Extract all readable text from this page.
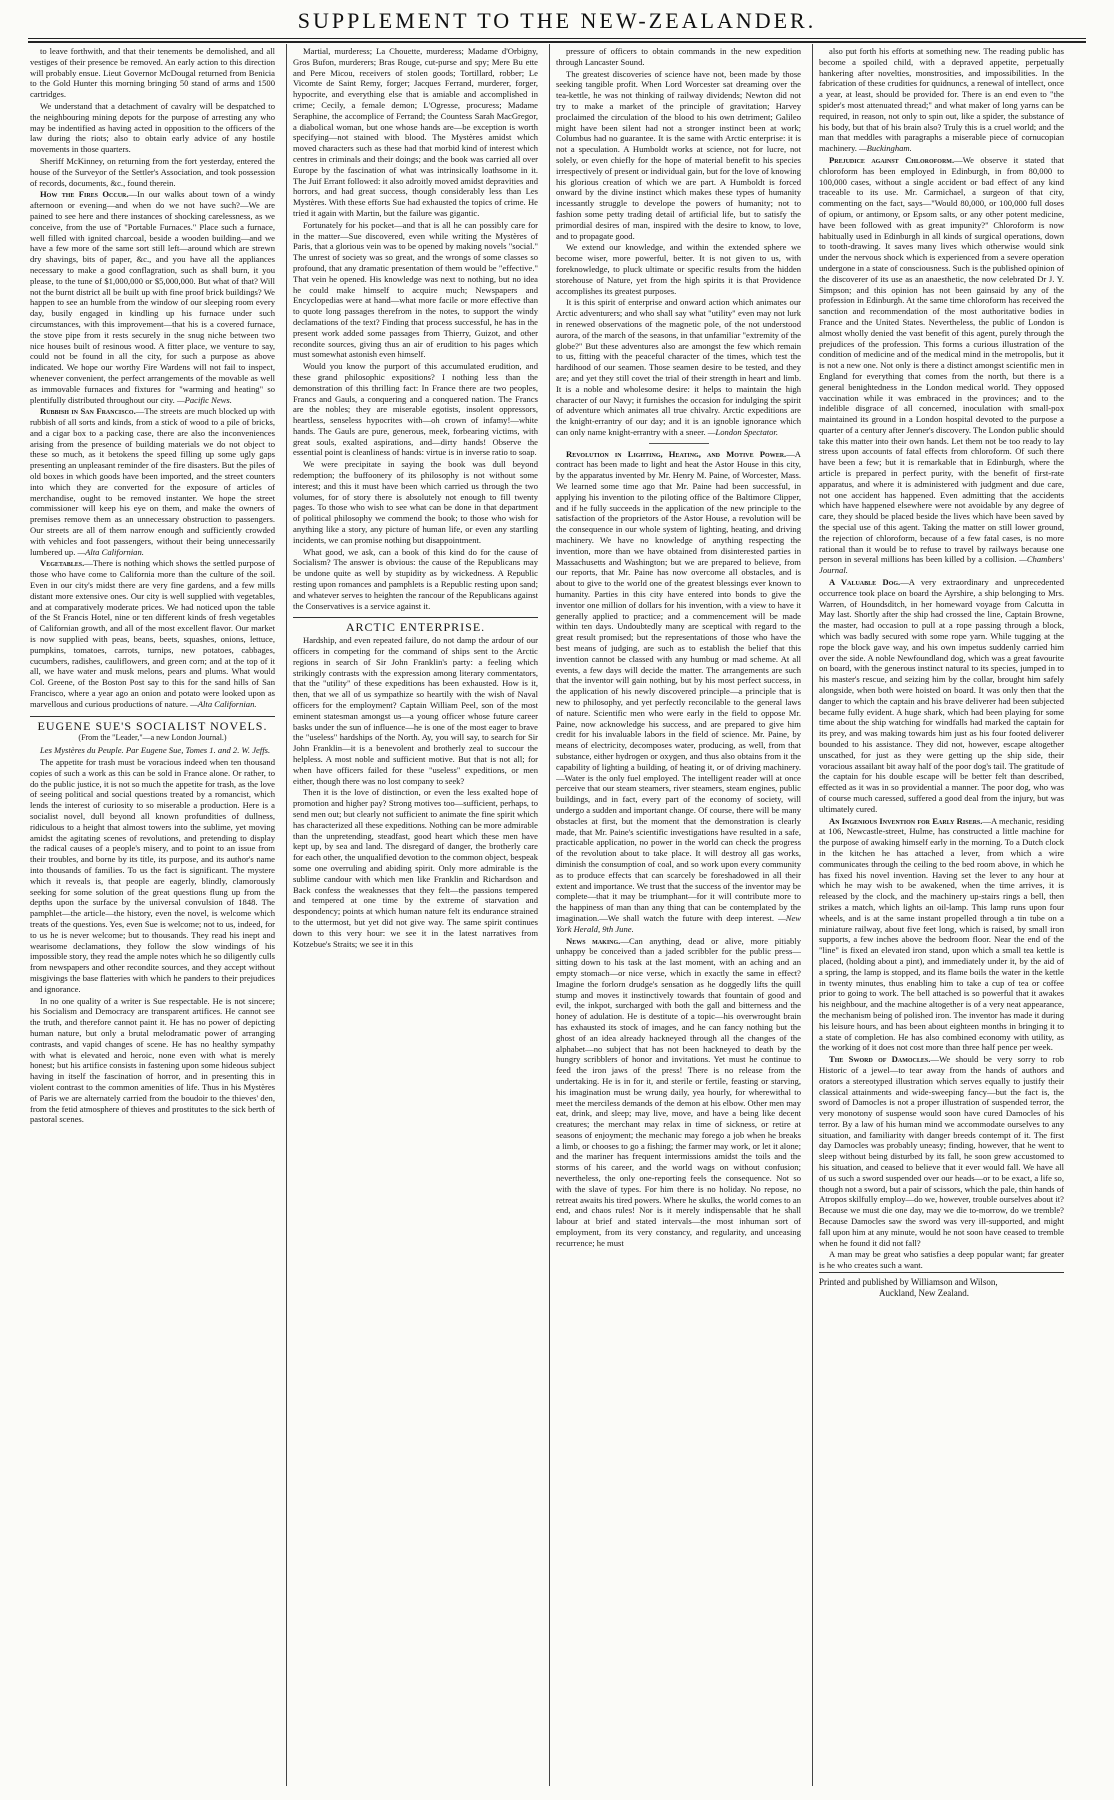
SUPPLEMENT TO THE NEW-ZEALANDER.

to leave forthwith, and that their tenements be demolished, and all vestiges of their presence be removed. An early action to this direction will probably ensue. Lieut Governor McDougal returned from Benicia to the Gold Hunter this morning bringing 50 stand of arms and 1500 cartridges.

We understand that a detachment of cavalry will be despatched to the neighbouring mining depots for the purpose of arresting any who may be indentified as having acted in opposition to the officers of the law during the riots; also to obtain early advice of any hostile movements in those quarters.

Sheriff McKinney, on returning from the fort yesterday, entered the house of the Surveyor of the Settler's Association, and took possession of records, documents, &c., found therein.

How the Fires Occur.—In our walks about town of a windy afternoon or evening—and when do we not have such?—We are pained to see here and there instances of shocking carelessness, as we conceive, from the use of "Portable Furnaces." Place such a furnace, well filled with ignited charcoal, beside a wooden building—and we have a few more of the same sort still left—around which are strewn dry shavings, bits of paper, &c., and you have all the appliances necessary to make a good conflagration, such as shall burn, it you please, to the tune of $1,000,000 or $5,000,000. But what of that? Will not the burnt district all be built up with fine proof brick buildings? We happen to see an humble from the window of our sleeping room every day, busily engaged in kindling up his furnace under such circumstances, with this improvement—that his is a covered furnace, the stove pipe from it rests securely in the snug niche between two nice houses built of resinous wood. A fitter place, we venture to say, could not be found in all the city, for such a purpose as above indicated. We hope our worthy Fire Wardens will not fail to inspect, whenever convenient, the perfect arrangements of the movable as well as immovable furnaces and fixtures for "warming and heating" so plentifully distributed throughout our city. —Pacific News.

Rubbish in San Francisco.—The streets are much blocked up with rubbish of all sorts and kinds, from a stick of wood to a pile of bricks, and a cigar box to a packing case, there are also the inconveniences arising from the presence of building materials we do not object to these so much, as it betokens the speed filling up some ugly gaps presenting an unpleasant reminder of the fire disasters. But the piles of old boxes in which goods have been imported, and the street counters into which they are converted for the exposure of articles of merchandise, ought to be removed instanter. We hope the street commissioner will keep his eye on them, and make the owners of premises remove them as an unnecessary obstruction to passengers. Our streets are all of them narrow enough and sufficiently crowded with vehicles and foot passengers, without their being unnecessarily lumbered up. —Alta Californian.

Vegetables.—There is nothing which shows the settled purpose of those who have come to California more than the culture of the soil. Even in our city's midst there are very fine gardens, and a few mills distant more extensive ones. Our city is well supplied with vegetables, and at comparatively moderate prices. We had noticed upon the table of the St Francis Hotel, nine or ten different kinds of fresh vegetables of Californian growth, and all of the most excellent flavor. Our market is now supplied with peas, beans, beets, squashes, onions, lettuce, pumpkins, tomatoes, carrots, turnips, new potatoes, cabbages, cucumbers, radishes, cauliflowers, and green corn; and at the top of it all, we have water and musk melons, pears and plums. What would Col. Greene, of the Boston Post say to this for the sand hills of San Francisco, where a year ago an onion and potato were looked upon as marvellous and curious productions of nature. —Alta Californian.

EUGENE SUE'S SOCIALIST NOVELS.

(From the "Leader,"—a new London Journal.)

Les Mystères du Peuple. Par Eugene Sue, Tomes 1. and 2. W. Jeffs.

The appetite for trash must be voracious indeed when ten thousand copies of such a work as this can be sold in France alone. Or rather, to do the public justice, it is not so much the appetite for trash, as the love of seeing political and social questions treated by a romancist, which lends the interest of curiosity to so miserable a production. Here is a socialist novel, dull beyond all known profundities of dullness, ridiculous to a height that almost towers into the sublime, yet moving amidst the agitating scenes of revolutions, and pretending to display the radical causes of a people's misery, and to point to an issue from their troubles, and borne by its title, its purpose, and its author's name into thousands of families. To us the fact is significant. The mystere which it reveals is, that people are eagerly, blindly, clamorously seeking for some solution of the great questions flung up from the depths upon the surface by the universal convulsion of 1848. The pamphlet—the article—the history, even the novel, is welcome which treats of the questions. Yes, even Sue is welcome; not to us, indeed, for to us he is never welcome; but to thousands. They read his inept and wearisome declamations, they follow the slow windings of his impossible story, they read the ample notes which he so diligently culls from newspapers and other recondite sources, and they accept without misgivings the base flatteries with which he panders to their prejudices and ignorance.

In no one quality of a writer is Sue respectable. He is not sincere; his Socialism and Democracy are transparent artifices. He cannot see the truth, and therefore cannot paint it. He has no power of depicting human nature, but only a brutal melodramatic power of arranging contrasts, and vapid changes of scene. He has no healthy sympathy with what is elevated and heroic, none even with what is merely honest; but his artifice consists in fastening upon some hideous subject having in itself the fascination of horror, and in presenting this in violent contrast to the common amenities of life. Thus in his Mystères of Paris we are alternately carried from the boudoir to the thieves' den, from the fetid atmosphere of thieves and prostitutes to the sick berth of pastoral scenes.

Martial, murderess; La Chouette, murderess; Madame d'Orbigny, Gros Bufon, murderers; Bras Rouge, cut-purse and spy; Mere Bu ette and Pere Micou, receivers of stolen goods; Tortillard, robber; Le Vicomte de Saint Remy, forger; Jacques Ferrand, murderer, forger, hypocrite, and everything else that is amiable and accomplished in crime; Cecily, a female demon; L'Ogresse, procuress; Madame Seraphine, the accomplice of Ferrand; the Countess Sarah MacGregor, a diabolical woman, but one whose hands are—be exception is worth specifying—not stained with blood. The Mystères amidst which moved characters such as these had that morbid kind of interest which centres in criminals and their doings; and the book was carried all over Europe by the fascination of what was intrinsically loathsome in it. The Juif Errant followed: it also adroitly moved amidst depravities and horrors, and had great success, though considerably less than Les Mystères. With these efforts Sue had exhausted the topics of crime. He tried it again with Martin, but the failure was gigantic.

Fortunately for his pocket—and that is all he can possibly care for in the matter—Sue discovered, even while writing the Mystères of Paris, that a glorious vein was to be opened by making novels "social." The unrest of society was so great, and the wrongs of some classes so profound, that any dramatic presentation of them would be "effective." That vein he opened. His knowledge was next to nothing, but no idea he could make himself to acquire much; Newspapers and Encyclopedias were at hand—what more facile or more effective than to quote long passages therefrom in the notes, to support the windy declamations of the text? Finding that process successful, he has in the present work added some passages from Thierry, Guizot, and other recondite sources, giving thus an air of erudition to his pages which must somewhat astonish even himself.

Would you know the purport of this accumulated erudition, and these grand philosophic expositions? I nothing less than the demonstration of this thrilling fact: In France there are two peoples, Francs and Gauls, a conquering and a conquered nation. The Francs are the nobles; they are miserable egotists, insolent oppressors, heartless, senseless hypocrites with—oh crown of infamy!—white hands. The Gauls are pure, generous, meek, forbearing victims, with great souls, exalted aspirations, and—dirty hands! Observe the essential point is cleanliness of hands: virtue is in inverse ratio to soap.

We were precipitate in saying the book was dull beyond redemption; the buffoonery of its philosophy is not without some interest; and this it must have been which carried us through the two volumes, for of story there is absolutely not enough to fill twenty pages. To those who wish to see what can be done in that department of political philosophy we commend the book; to those who wish for anything like a story, any picture of human life, or even any startling incidents, we can promise nothing but disappointment.

What good, we ask, can a book of this kind do for the cause of Socialism? The answer is obvious: the cause of the Republicans may be undone quite as well by stupidity as by wickedness. A Republic resting upon romances and pamphlets is a Republic resting upon sand; and whatever serves to heighten the rancour of the Republicans against the Conservatives is a service against it.

ARCTIC ENTERPRISE.

Hardship, and even repeated failure, do not damp the ardour of our officers in competing for the command of ships sent to the Arctic regions in search of Sir John Franklin's party: a feeling which strikingly contrasts with the expression among literary commentators, that the "utility" of these expeditions has been exhausted. How is it, then, that we all of us sympathize so heartily with the wish of Naval officers for the employment? Captain William Peel, son of the most eminent statesman amongst us—a young officer whose future career basks under the sun of influence—he is one of the most eager to brave the "useless" hardships of the North. Ay, you will say, to search for Sir John Franklin—it is a benevolent and brotherly zeal to succour the helpless. A most noble and sufficient motive. But that is not all; for when have officers failed for these "useless" expeditions, or men either, though there was no lost company to seek?

Then it is the love of distinction, or even the less exalted hope of promotion and higher pay? Strong motives too—sufficient, perhaps, to send men out; but clearly not sufficient to animate the fine spirit which has characterized all these expeditions. Nothing can be more admirable than the unpretending, steadfast, good heart which these men have kept up, by sea and land. The disregard of danger, the brotherly care for each other, the unqualified devotion to the common object, bespeak some one overruling and abiding spirit. Only more admirable is the sublime candour with which men like Franklin and Richardson and Back confess the weaknesses that they felt—the passions tempered and tempered at one time by the extreme of starvation and despondency; points at which human nature felt its endurance strained to the uttermost, but yet did not give way. The same spirit continues down to this very hour: we see it in the latest narratives from Kotzebue's Straits; we see it in this

pressure of officers to obtain commands in the new expedition through Lancaster Sound.

The greatest discoveries of science have not, been made by those seeking tangible profit. When Lord Worcester sat dreaming over the tea-kettle, he was not thinking of railway dividends; Newton did not try to make a market of the principle of gravitation; Harvey proclaimed the circulation of the blood to his own detriment; Galileo might have been silent had not a stronger instinct been at work; Columbus had no guarantee. It is the same with Arctic enterprise: it is not a speculation. A Humboldt works at science, not for lucre, not solely, or even chiefly for the hope of material benefit to his species irrespectively of present or individual gain, but for the love of knowing his glorious creation of which we are part. A Humboldt is forced onward by the divine instinct which makes these types of humanity incessantly struggle to develope the powers of humanity; not to fashion some petty trading detail of artificial life, but to satisfy the primordial desires of man, inspired with the desire to know, to love, and to propagate good.

We extend our knowledge, and within the extended sphere we become wiser, more powerful, better. It is not given to us, with foreknowledge, to pluck ultimate or specific results from the hidden storehouse of Nature, yet from the high spirits it is that Providence accomplishes its greatest purposes.

It is this spirit of enterprise and onward action which animates our Arctic adventurers; and who shall say what "utility" even may not lurk in renewed observations of the magnetic pole, of the not understood aurora, of the march of the seasons, in that unfamiliar "extremity of the globe?" But these adventures also are amongst the few which remain to us, fitting with the peaceful character of the times, which test the hardihood of our seamen. Those seamen desire to be tested, and they are; and yet they still covet the trial of their strength in heart and limb. It is a noble and wholesome desire: it helps to maintain the high character of our Navy; it furnishes the occasion for indulging the spirit of adventure which animates all true chivalry. Arctic expeditions are the knight-errantry of our day; and it is an ignoble ignorance which can only name knight-errantry with a sneer. —London Spectator.

Revolution in Lighting, Heating, and Motive Power.—A contract has been made to light and heat the Astor House in this city, by the apparatus invented by Mr. Henry M. Paine, of Worcester, Mass. We learned some time ago that Mr. Paine had been successful, in applying his invention to the piloting office of the Baltimore Clipper, and if he fully succeeds in the application of the new principle to the satisfaction of the proprietors of the Astor House, a revolution will be the consequence in our whole system of lighting, heating, and driving machinery. We have no knowledge of anything respecting the invention, more than we have obtained from disinterested parties in Massachusetts and Washington; but we are prepared to believe, from our reports, that Mr. Paine has now overcome all obstacles, and is about to give to the world one of the greatest blessings ever known to humanity. Parties in this city have entered into bonds to give the inventor one million of dollars for his invention, with a view to have it generally applied to practice; and a commencement will be made within ten days. Undoubtedly many are sceptical with regard to the great result promised; but the representations of those who have the best means of judging, are such as to establish the belief that this invention cannot be classed with any humbug or mad scheme. At all events, a few days will decide the matter. The arrangements are such that the inventor will gain nothing, but by his most perfect success, in the application of his newly discovered principle—a principle that is new to philosophy, and yet perfectly reconcilable to the general laws of nature. Scientific men who were early in the field to oppose Mr. Paine, now acknowledge his success, and are prepared to give him credit for his invaluable labors in the field of science. Mr. Paine, by means of electricity, decomposes water, producing, as well, from that substance, either hydrogen or oxygen, and thus also obtains from it the capability of lighting a building, of heating it, or of driving machinery.—Water is the only fuel employed. The intelligent reader will at once perceive that our steam steamers, river steamers, steam engines, public buildings, and in fact, every part of the economy of society, will undergo a sudden and important change. Of course, there will be many obstacles at first, but the moment that the demonstration is clearly made, that Mr. Paine's scientific investigations have resulted in a safe, practicable application, no power in the world can check the progress of the revolution about to take place. It will destroy all gas works, diminish the consumption of coal, and so work upon every community as to produce effects that can scarcely be foreshadowed in all their extent and importance. We trust that the success of the inventor may be complete—that it may be triumphant—for it will contribute more to the happiness of man than any thing that can be contemplated by the imagination.—We shall watch the future with deep interest. —New York Herald, 9th June.

News making.—Can anything, dead or alive, more pitiably unhappy be conceived than a jaded scribbler for the public press—sitting down to his task at the last moment, with an aching and an empty stomach—or nice verse, which in exactly the same in effect? Imagine the forlorn drudge's sensation as he doggedly lifts the quill stump and moves it instinctively towards that fountain of good and evil, the inkpot, surcharged with both the gall and bitterness and the honey of adulation. He is destitute of a topic—his overwrought brain has exhausted its stock of images, and he can fancy nothing but the ghost of an idea already hackneyed through all the changes of the alphabet—no subject that has not been hackneyed to death by the hungry scribblers of honor and invitations. Yet must he continue to feed the iron jaws of the press! There is no release from the undertaking. He is in for it, and sterile or fertile, feasting or starving, his imagination must be wrung daily, yea hourly, for wherewithal to meet the merciless demands of the demon at his elbow. Other men may eat, drink, and sleep; may live, move, and have a being like decent creatures; the merchant may relax in time of sickness, or retire at seasons of enjoyment; the mechanic may forego a job when he breaks a limb, or chooses to go a fishing; the farmer may work, or let it alone; and the mariner has frequent intermissions amidst the toils and the storms of his career, and the world wags on without confusion; nevertheless, the only one-reporting feels the consequence. Not so with the slave of types. For him there is no holiday. No repose, no retreat awaits his tired powers. Where he skulks, the world comes to an end, and chaos rules! Nor is it merely indispensable that he shall labour at brief and stated intervals—the most inhuman sort of employment, from its very constancy, and regularity, and unceasing recurrence; he must

also put forth his efforts at something new. The reading public has become a spoiled child, with a depraved appetite, perpetually hankering after novelties, monstrosities, and impossibilities. In the fabrication of these crudities for quidnuncs, a renewal of intellect, once a year, at least, should be provided for. There is an end even to "the spider's most attenuated thread;" and what maker of long yarns can be required, in reason, not only to spin out, like a spider, the substance of his body, but that of his brain also? Truly this is a cruel world; and the man that meddles with paragraphs a miserable piece of cornucopian machinery. —Buckingham.

Prejudice against Chloroform.—We observe it stated that chloroform has been employed in Edinburgh, in from 80,000 to 100,000 cases, without a single accident or bad effect of any kind traceable to its use. Mr. Carmichael, a surgeon of that city, commenting on the fact, says—"Would 80,000, or 100,000 full doses of opium, or antimony, or Epsom salts, or any other potent medicine, have been followed with as great impunity?" Chloroform is now habitually used in Edinburgh in all kinds of surgical operations, down to tooth-drawing. It saves many lives which otherwise would sink under the nervous shock which is experienced from a severe operation undergone in a state of consciousness. Such is the published opinion of the discoverer of its use as an anaesthetic, the now celebrated Dr J. Y. Simpson; and this opinion has not been gainsaid by any of the profession in Edinburgh. At the same time chloroform has received the sanction and recommendation of the most authoritative bodies in France and the United States. Nevertheless, the public of London is almost wholly denied the vast benefit of this agent, purely through the prejudices of the profession. This forms a curious illustration of the condition of medicine and of the medical mind in the metropolis, but it is not a new one. Not only is there a distinct amongst scientific men in England for everything that comes from the north, but there is a general benightedness in the London medical world. They opposed vaccination while it was embraced in the provinces; and to the indelible disgrace of all concerned, inoculation with small-pox maintained its ground in a London hospital devoted to the purpose a quarter of a century after Jenner's discovery. The London public should take this matter into their own hands. Let them not be too ready to lay stress upon accounts of fatal effects from chloroform. Of such there have been a few; but it is remarkable that in Edinburgh, where the article is prepared in perfect purity, with the benefit of first-rate apparatus, and where it is administered with judgment and due care, not one accident has happened. Even admitting that the accidents which have happened elsewhere were not avoidable by any degree of care, they should be placed beside the lives which have been saved by the special use of this agent. Taking the matter on still lower ground, the rejection of chloroform, because of a few fatal cases, is no more rational than it would be to refuse to travel by railways because one person in several millions has been killed by a collision. —Chambers' Journal.

A Valuable Dog.—A very extraordinary and unprecedented occurrence took place on board the Ayrshire, a ship belonging to Mrs. Warren, of Houndsditch, in her homeward voyage from Calcutta in May last. Shortly after the ship had crossed the line, Captain Browne, the master, had occasion to pull at a rope passing through a block, which was badly secured with some rope yarn. While tugging at the rope the block gave way, and his own impetus suddenly carried him over the side. A noble Newfoundland dog, which was a great favourite on board, with the generous instinct natural to its species, jumped in to his master's rescue, and seizing him by the collar, brought him safely alongside, when both were hoisted on board. It was only then that the danger to which the captain and his brave deliverer had been subjected became fully evident. A huge shark, which had been playing for some time about the ship watching for windfalls had marked the captain for its prey, and was making towards him just as his four footed deliverer bounded to his assistance. They did not, however, escape altogether unscathed, for just as they were getting up the ship side, their voracious assailant bit away half of the poor dog's tail. The gratitude of the captain for his double escape will be better felt than described, effected as it was in so providential a manner. The poor dog, who was of course much caressed, suffered a good deal from the injury, but was ultimately cured.

An Ingenious Invention for Early Risers.—A mechanic, residing at 106, Newcastle-street, Hulme, has constructed a little machine for the purpose of awaking himself early in the morning. To a Dutch clock in the kitchen he has attached a lever, from which a wire communicates through the ceiling to the bed room above, in which he has fixed his novel invention. Having set the lever to any hour at which he may wish to be awakened, when the time arrives, it is released by the clock, and the machinery up-stairs rings a bell, then strikes a match, which lights an oil-lamp. This lamp runs upon four wheels, and is at the same instant propelled through a tin tube on a miniature railway, about five feet long, which is raised, by small iron supports, a few inches above the bedroom floor. Near the end of the "line" is fixed an elevated iron stand, upon which a small tea kettle is placed, (holding about a pint), and immediately under it, by the aid of a spring, the lamp is stopped, and its flame boils the water in the kettle in twenty minutes, thus enabling him to take a cup of tea or coffee prior to going to work. The bell attached is so powerful that it awakes his neighbour, and the machine altogether is of a very neat appearance, the mechanism being of polished iron. The inventor has made it during his leisure hours, and has been about eighteen months in bringing it to a state of completion. He has also combined economy with utility, as the working of it does not cost more than three half pence per week.

The Sword of Damocles.—We should be very sorry to rob Historic of a jewel—to tear away from the hands of authors and orators a stereotyped illustration which serves equally to justify their classical attainments and wide-sweeping fancy—but the fact is, the sword of Damocles is not a proper illustration of suspended terror, the very monotony of suspense would soon have cured Damocles of his terror. By a law of his human mind we accommodate ourselves to any situation, and familiarity with danger breeds contempt of it. The first day Damocles was probably uneasy; finding, however, that he went to sleep without being disturbed by its fall, he soon grew accustomed to his situation, and ceased to believe that it ever would fall. We have all of us such a sword suspended over our heads—or to be exact, a life so, though not a sword, but a pair of scissors, which the pale, thin hands of Atropos skilfully employ—do we, however, trouble ourselves about it? Because we must die one day, may we die to-morrow, do we tremble? Because Damocles saw the sword was very ill-supported, and might fall upon him at any minute, would he not soon have ceased to tremble when he found it did not fall?

A man may be great who satisfies a deep popular want; far greater is he who creates such a want.

Printed and published by Williamson and Wilson,
Auckland, New Zealand.
